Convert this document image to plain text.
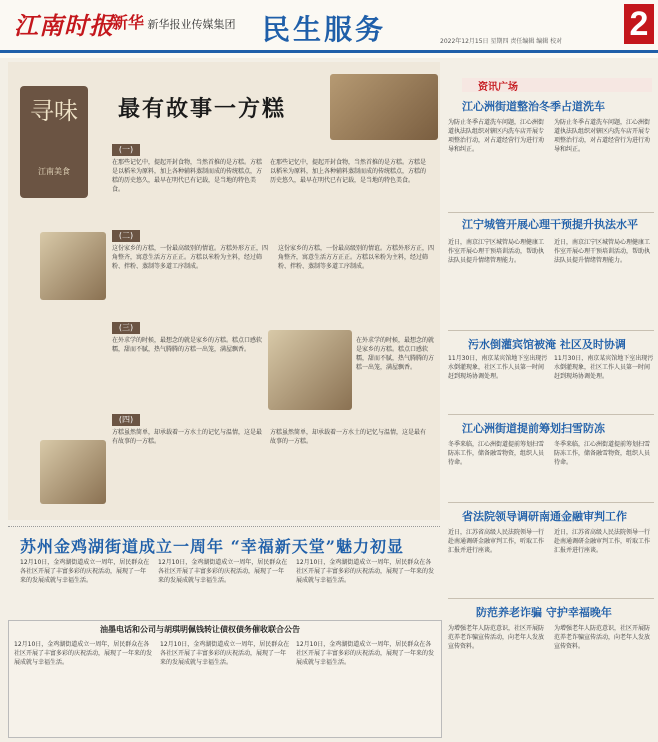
江南时报
新华 新华报业传媒集团 民生服务	2
2022年12月15日 星期四 责任编辑 编辑 校对
寻味
江南美食
最有故事一方糕
(一)
在那些记忆中，提起开封食物，当然首推的是方糕。方糕是以稻米为原料，加上各种辅料蒸制而成的传统糕点，方糕的历史悠久，最早在明代已有记载，是当地的特色美食。
在那些记忆中，提起开封食物，当然首推的是方糕。方糕是以稻米为原料，加上各种辅料蒸制而成的传统糕点，方糕的历史悠久，最早在明代已有记载，是当地的特色美食。
(二)
这份家乡的方糕，一份最高级别的情谊。方糕外形方正，四角整齐，寓意生活方方正正。方糕以米粉为主料，经过筛粉、拌粉、蒸制等多道工序制成。
这份家乡的方糕，一份最高级别的情谊。方糕外形方正，四角整齐，寓意生活方方正正。方糕以米粉为主料，经过筛粉、拌粉、蒸制等多道工序制成。
(三)
在外求学的时候，最想念的就是家乡的方糕。糕点口感软糯，甜而不腻，热气腾腾的方糕一出笼，满屋飘香。
在外求学的时候，最想念的就是家乡的方糕。糕点口感软糯，甜而不腻，热气腾腾的方糕一出笼，满屋飘香。
(四)
方糕虽然简单，却承载着一方水土的记忆与温情，这是最有故事的一方糕。
方糕虽然简单，却承载着一方水土的记忆与温情，这是最有故事的一方糕。
苏州金鸡湖街道成立一周年 “幸福新天堂”魅力初显
12月10日，金鸡湖街道成立一周年，居民群众在各社区开展了丰富多彩的庆祝活动，展现了一年来的发展成就与幸福生活。
12月10日，金鸡湖街道成立一周年，居民群众在各社区开展了丰富多彩的庆祝活动，展现了一年来的发展成就与幸福生活。
12月10日，金鸡湖街道成立一周年，居民群众在各社区开展了丰富多彩的庆祝活动，展现了一年来的发展成就与幸福生活。
油墨电话和公司与胡琪明佩钱转让债权债务催收联合公告
12月10日，金鸡湖街道成立一周年，居民群众在各社区开展了丰富多彩的庆祝活动，展现了一年来的发展成就与幸福生活。
12月10日，金鸡湖街道成立一周年，居民群众在各社区开展了丰富多彩的庆祝活动，展现了一年来的发展成就与幸福生活。
12月10日，金鸡湖街道成立一周年，居民群众在各社区开展了丰富多彩的庆祝活动，展现了一年来的发展成就与幸福生活。
资讯广场
江心洲街道整治冬季占道洗车
为防止冬季占道洗车问题，江心洲街道执法队组织对辖区内洗车店开展专项整治行动，对占道经营行为进行劝导和纠正。
为防止冬季占道洗车问题，江心洲街道执法队组织对辖区内洗车店开展专项整治行动，对占道经营行为进行劝导和纠正。
江宁城管开展心理干预提升执法水平
近日，南京江宁区城管局心理健康工作室开展心理干预培训活动，帮助执法队员提升情绪管理能力。
近日，南京江宁区城管局心理健康工作室开展心理干预培训活动，帮助执法队员提升情绪管理能力。
污水倒灌宾馆被淹 社区及时协调
11月30日，南京某宾馆地下室出现污水倒灌现象，社区工作人员第一时间赶到现场协调处理。
11月30日，南京某宾馆地下室出现污水倒灌现象，社区工作人员第一时间赶到现场协调处理。
江心洲街道提前筹划扫雪防冻
冬季来临，江心洲街道提前筹划扫雪防冻工作，储备融雪物资，组织人员待命。
冬季来临，江心洲街道提前筹划扫雪防冻工作，储备融雪物资，组织人员待命。
省法院领导调研南通金融审判工作
近日，江苏省高级人民法院领导一行赴南通调研金融审判工作，听取工作汇报并进行座谈。
近日，江苏省高级人民法院领导一行赴南通调研金融审判工作，听取工作汇报并进行座谈。
防范养老诈骗 守护幸福晚年
为增强老年人防范意识，社区开展防范养老诈骗宣传活动，向老年人发放宣传资料。
为增强老年人防范意识，社区开展防范养老诈骗宣传活动，向老年人发放宣传资料。
